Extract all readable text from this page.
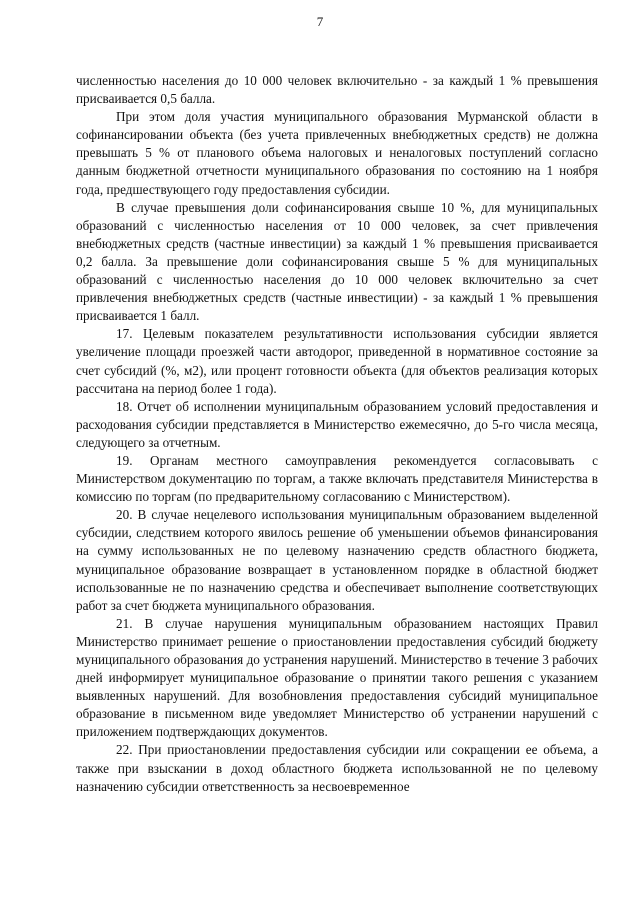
7

численностью населения до 10 000 человек включительно - за каждый 1 % превышения присваивается 0,5 балла.

При этом доля участия муниципального образования Мурманской области в софинансировании объекта (без учета привлеченных внебюджетных средств) не должна превышать 5 % от планового объема налоговых и неналоговых поступлений согласно данным бюджетной отчетности муниципального образования по состоянию на 1 ноября года, предшествующего году предоставления субсидии.

В случае превышения доли софинансирования свыше 10 %, для муниципальных образований с численностью населения от 10 000 человек, за счет привлечения внебюджетных средств (частные инвестиции) за каждый 1 % превышения присваивается 0,2 балла. За превышение доли софинансирования свыше 5 % для муниципальных образований с численностью населения до 10 000 человек включительно за счет привлечения внебюджетных средств (частные инвестиции) - за каждый 1 % превышения присваивается 1 балл.

17. Целевым показателем результативности использования субсидии является увеличение площади проезжей части автодорог, приведенной в нормативное состояние за счет субсидий (%, м2), или процент готовности объекта (для объектов реализация которых рассчитана на период более 1 года).

18. Отчет об исполнении муниципальным образованием условий предоставления и расходования субсидии представляется в Министерство ежемесячно, до 5-го числа месяца, следующего за отчетным.

19. Органам местного самоуправления рекомендуется согласовывать с Министерством документацию по торгам, а также включать представителя Министерства в комиссию по торгам (по предварительному согласованию с Министерством).

20. В случае нецелевого использования муниципальным образованием выделенной субсидии, следствием которого явилось решение об уменьшении объемов финансирования на сумму использованных не по целевому назначению средств областного бюджета, муниципальное образование возвращает в установленном порядке в областной бюджет использованные не по назначению средства и обеспечивает выполнение соответствующих работ за счет бюджета муниципального образования.

21. В случае нарушения муниципальным образованием настоящих Правил Министерство принимает решение о приостановлении предоставления субсидий бюджету муниципального образования до устранения нарушений. Министерство в течение 3 рабочих дней информирует муниципальное образование о принятии такого решения с указанием выявленных нарушений. Для возобновления предоставления субсидий муниципальное образование в письменном виде уведомляет Министерство об устранении нарушений с приложением подтверждающих документов.

22. При приостановлении предоставления субсидии или сокращении ее объема, а также при взыскании в доход областного бюджета использованной не по целевому назначению субсидии ответственность за несвоевременное
